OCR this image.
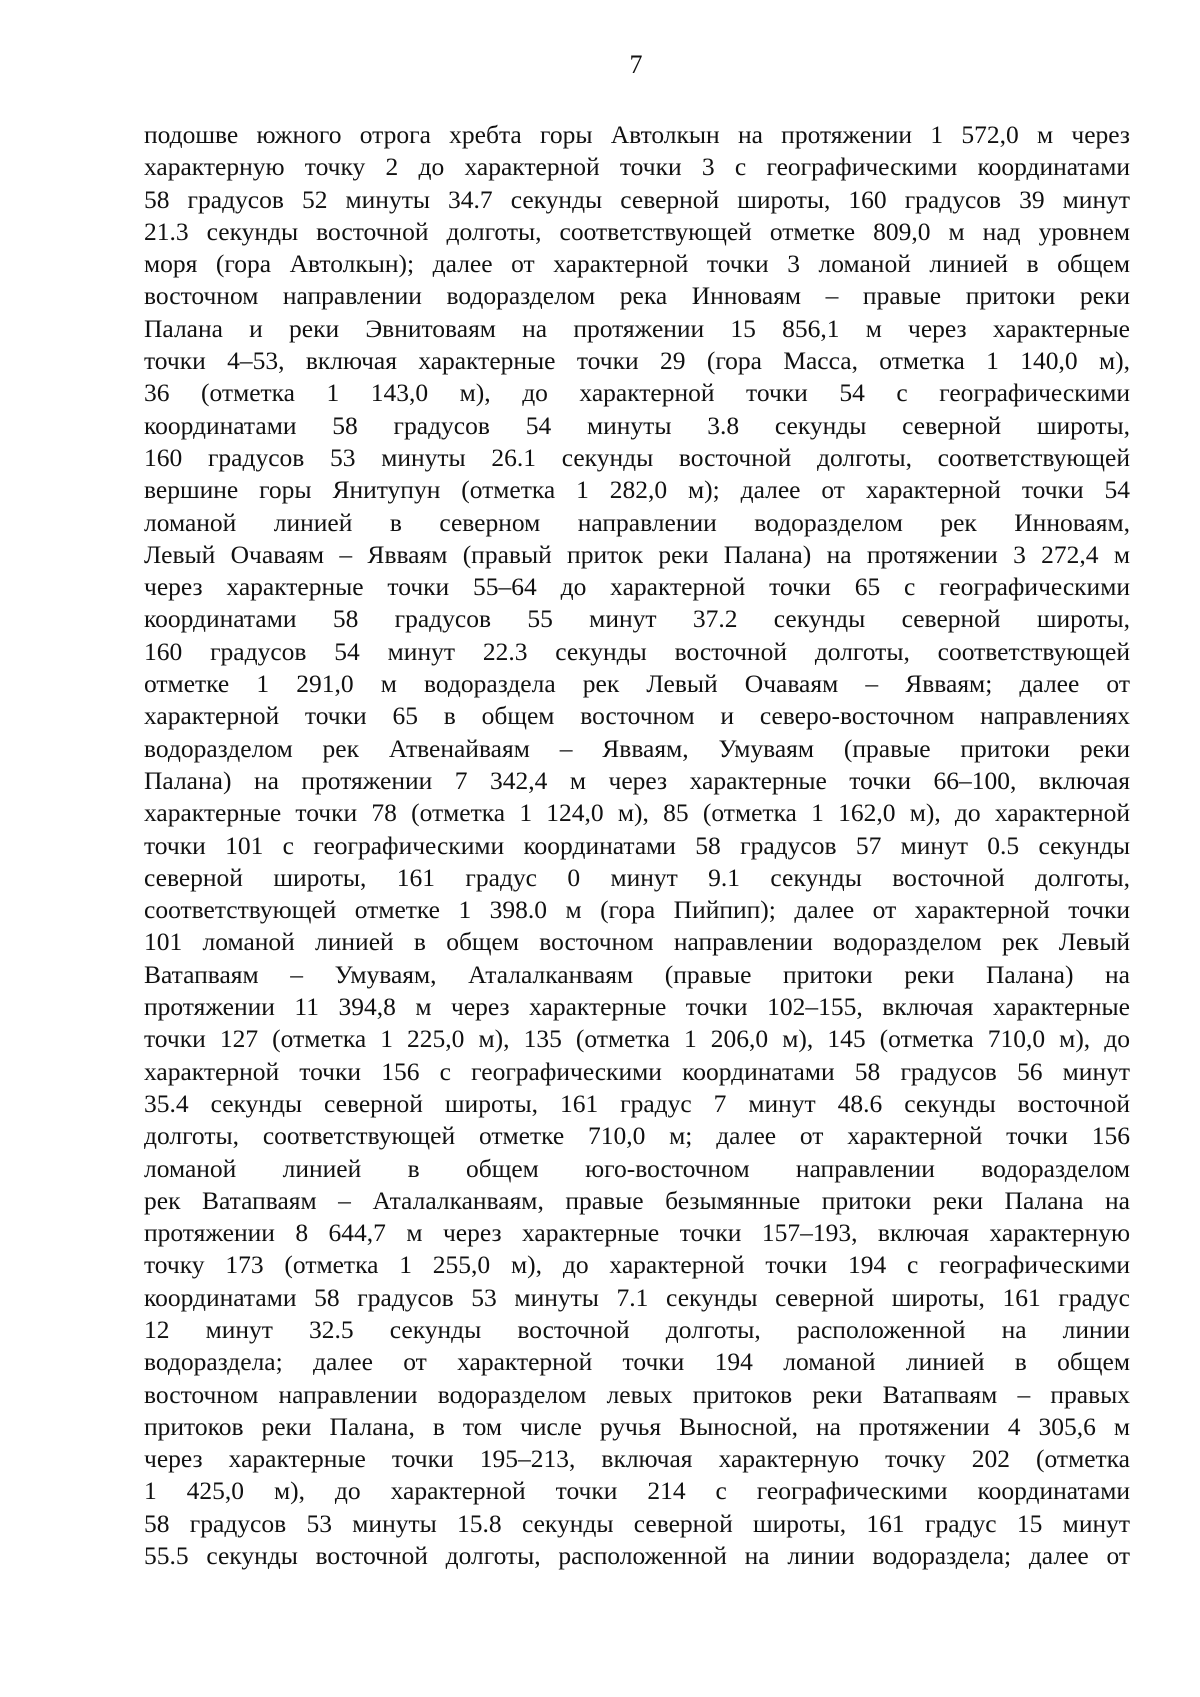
7
подошве южного отрога хребта горы Автолкын на протяжении 1 572,0 м через
характерную точку 2 до характерной точки 3 с географическими координатами
58 градусов 52 минуты 34.7 секунды северной широты, 160 градусов 39 минут
21.3 секунды восточной долготы, соответствующей отметке 809,0 м над уровнем
моря (гора Автолкын); далее от характерной точки 3 ломаной линией в общем
восточном направлении водоразделом река Инноваям – правые притоки реки
Палана и реки Эвнитоваям на протяжении 15 856,1 м через характерные
точки 4–53, включая характерные точки 29 (гора Масса, отметка 1 140,0 м),
36 (отметка 1 143,0 м), до характерной точки 54 с географическими
координатами 58 градусов 54 минуты 3.8 секунды северной широты,
160 градусов 53 минуты 26.1 секунды восточной долготы, соответствующей
вершине горы Янитупун (отметка 1 282,0 м); далее от характерной точки 54
ломаной линией в северном направлении водоразделом рек Инноваям,
Левый Очаваям – Явваям (правый приток реки Палана) на протяжении 3 272,4 м
через характерные точки 55–64 до характерной точки 65 с географическими
координатами 58 градусов 55 минут 37.2 секунды северной широты,
160 градусов 54 минут 22.3 секунды восточной долготы, соответствующей
отметке 1 291,0 м водораздела рек Левый Очаваям – Явваям; далее от
характерной точки 65 в общем восточном и северо-восточном направлениях
водоразделом рек Атвенайваям – Явваям, Умуваям (правые притоки реки
Палана) на протяжении 7 342,4 м через характерные точки 66–100, включая
характерные точки 78 (отметка 1 124,0 м), 85 (отметка 1 162,0 м), до характерной
точки 101 с географическими координатами 58 градусов 57 минут 0.5 секунды
северной широты, 161 градус 0 минут 9.1 секунды восточной долготы,
соответствующей отметке 1 398.0 м (гора Пийпип); далее от характерной точки
101 ломаной линией в общем восточном направлении водоразделом рек Левый
Ватапваям – Умуваям, Аталалканваям (правые притоки реки Палана) на
протяжении 11 394,8 м через характерные точки 102–155, включая характерные
точки 127 (отметка 1 225,0 м), 135 (отметка 1 206,0 м), 145 (отметка 710,0 м), до
характерной точки 156 с географическими координатами 58 градусов 56 минут
35.4 секунды северной широты, 161 градус 7 минут 48.6 секунды восточной
долготы, соответствующей отметке 710,0 м; далее от характерной точки 156
ломаной линией в общем юго-восточном направлении водоразделом
рек Ватапваям – Аталалканваям, правые безымянные притоки реки Палана на
протяжении 8 644,7 м через характерные точки 157–193, включая характерную
точку 173 (отметка 1 255,0 м), до характерной точки 194 с географическими
координатами 58 градусов 53 минуты 7.1 секунды северной широты, 161 градус
12 минут 32.5 секунды восточной долготы, расположенной на линии
водораздела; далее от характерной точки 194 ломаной линией в общем
восточном направлении водоразделом левых притоков реки Ватапваям – правых
притоков реки Палана, в том числе ручья Выносной, на протяжении 4 305,6 м
через характерные точки 195–213, включая характерную точку 202 (отметка
1 425,0 м), до характерной точки 214 с географическими координатами
58 градусов 53 минуты 15.8 секунды северной широты, 161 градус 15 минут
55.5 секунды восточной долготы, расположенной на линии водораздела; далее от
